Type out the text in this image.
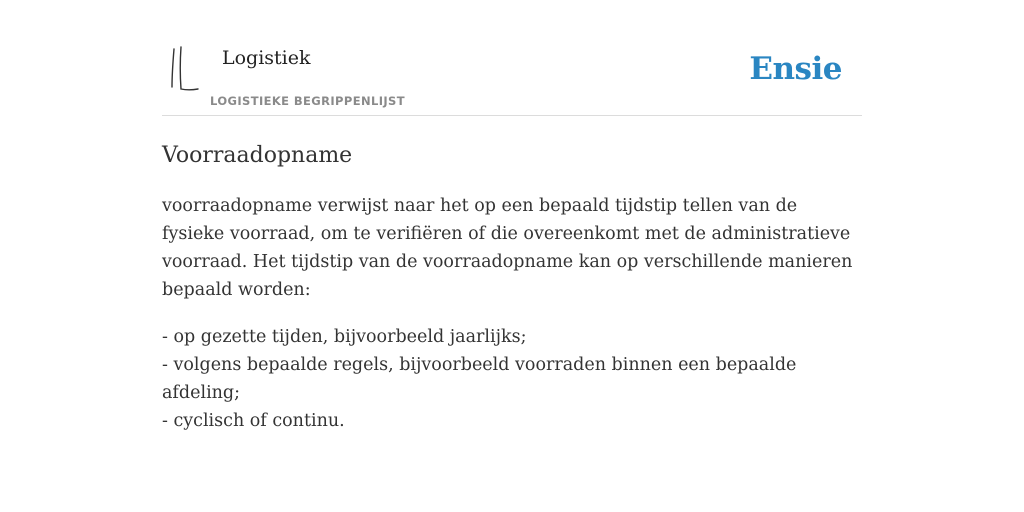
Logistiek
LOGISTIEKE BEGRIPPENLIJST
Ensie
Voorraadopname

voorraadopname verwijst naar het op een bepaald tijdstip tellen van de fysieke voorraad, om te verifiëren of die overeenkomt met de administratieve voorraad. Het tijdstip van de voorraadopname kan op verschillende manieren bepaald worden:

- op gezette tijden, bijvoorbeeld jaarlijks;
- volgens bepaalde regels, bijvoorbeeld voorraden binnen een bepaalde afdeling;
- cyclisch of continu.
